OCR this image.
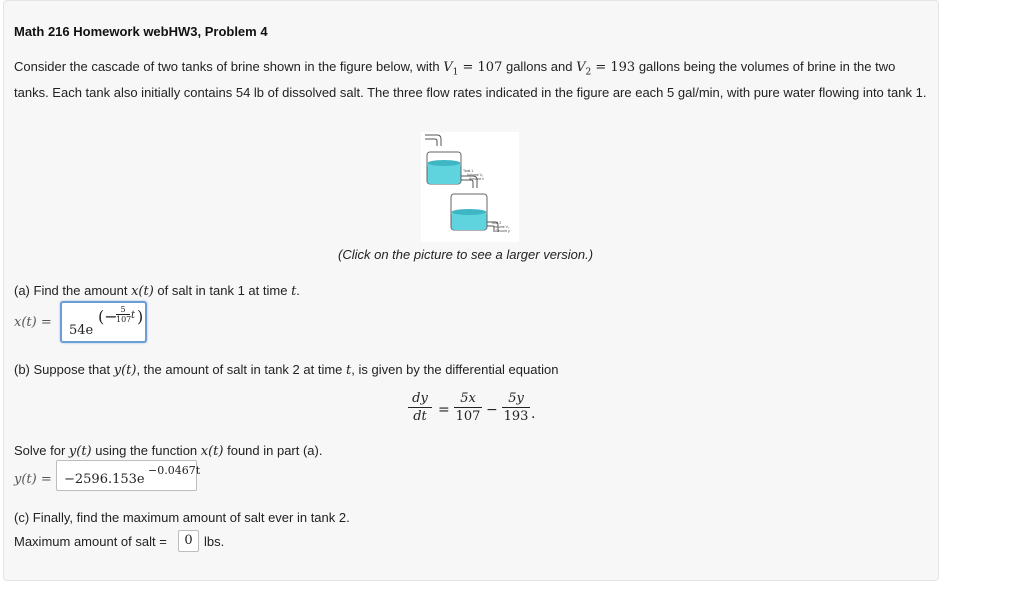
Math 216 Homework webHW3, Problem 4
Consider the cascade of two tanks of brine shown in the figure below, with $V_1 = 107$ gallons and $V_2 = 193$ gallons being the volumes of brine in the two tanks. Each tank also initially contains 54 lb of dissolved salt. The three flow rates indicated in the figure are each 5 gal/min, with pure water flowing into tank 1.
Tank 1
Volume V₁
Amount x
Tank 2
Volume V₂
Amount y
(Click on the picture to see a larger version.)
(a) Find the amount x(t) of salt in tank 1 at time t.
x(t) =
54e
(− 5
107 t )
(b) Suppose that y(t), the amount of salt in tank 2 at time t, is given by the differential equation
dy
dt =
5x
107 −
5y
193 .
Solve for y(t) using the function x(t) found in part (a).
y(t) = −2596.153e
−0.0467t
(c) Finally, find the maximum amount of salt ever in tank 2.
Maximum amount of salt =	0 lbs.
